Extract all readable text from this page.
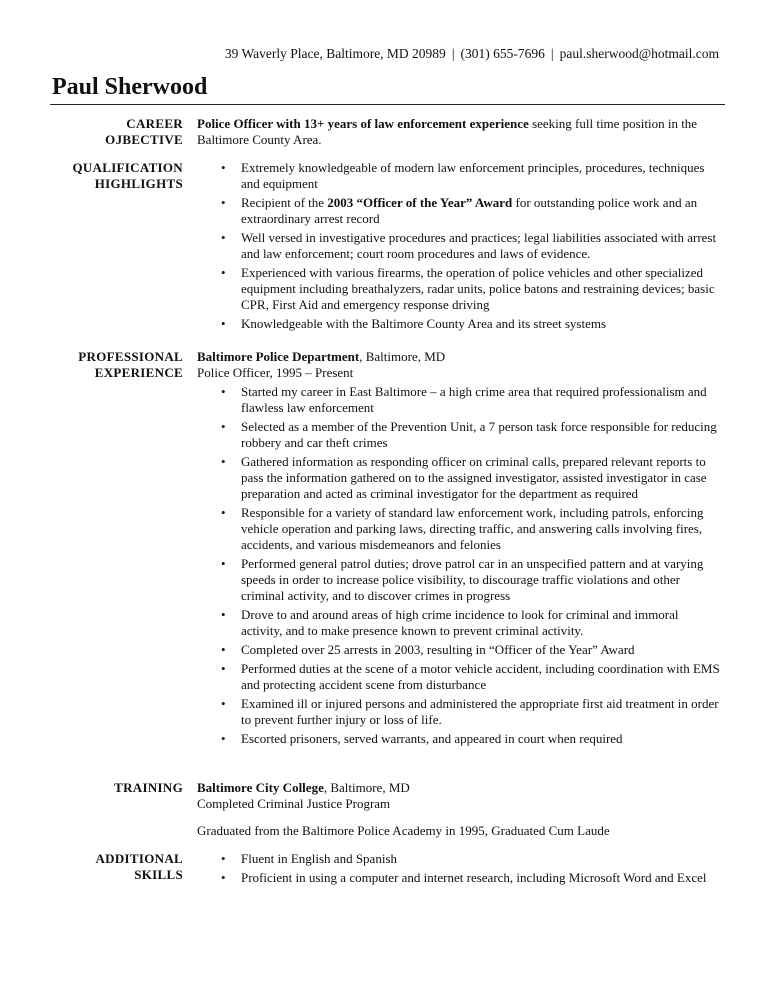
39 Waverly Place, Baltimore, MD 20989 | (301) 655-7696 | paul.sherwood@hotmail.com
Paul Sherwood
CAREER
OJBECTIVE

Police Officer with 13+ years of law enforcement experience seeking full time position in the Baltimore County Area.

QUALIFICATION
HIGHLIGHTS
• Extremely knowledgeable of modern law enforcement principles, procedures, techniques and equipment
• Recipient of the 2003 “Officer of the Year” Award for outstanding police work and an extraordinary arrest record
• Well versed in investigative procedures and practices; legal liabilities associated with arrest and law enforcement; court room procedures and laws of evidence.
• Experienced with various firearms, the operation of police vehicles and other specialized equipment including breathalyzers, radar units, police batons and restraining devices; basic CPR, First Aid and emergency response driving
• Knowledgeable with the Baltimore County Area and its street systems
PROFESSIONAL
EXPERIENCE

Baltimore Police Department, Baltimore, MD

Police Officer, 1995 – Present

• Started my career in East Baltimore – a high crime area that required professionalism and flawless law enforcement
• Selected as a member of the Prevention Unit, a 7 person task force responsible for reducing robbery and car theft crimes
• Gathered information as responding officer on criminal calls, prepared relevant reports to pass the information gathered on to the assigned investigator, assisted investigator in case preparation and acted as criminal investigator for the department as required
• Responsible for a variety of standard law enforcement work, including patrols, enforcing vehicle operation and parking laws, directing traffic, and answering calls involving fires, accidents, and various misdemeanors and felonies
• Performed general patrol duties; drove patrol car in an unspecified pattern and at varying speeds in order to increase police visibility, to discourage traffic violations and other criminal activity, and to discover crimes in progress
• Drove to and around areas of high crime incidence to look for criminal and immoral activity, and to make presence known to prevent criminal activity.
• Completed over 25 arrests in 2003, resulting in “Officer of the Year” Award
• Performed duties at the scene of a motor vehicle accident, including coordination with EMS and protecting accident scene from disturbance
• Examined ill or injured persons and administered the appropriate first aid treatment in order to prevent further injury or loss of life.
• Escorted prisoners, served warrants, and appeared in court when required
TRAINING Baltimore City College, Baltimore, MD

Completed Criminal Justice Program

Graduated from the Baltimore Police Academy in 1995, Graduated Cum Laude

ADDITIONAL
SKILLS
• Fluent in English and Spanish
• Proficient in using a computer and internet research, including Microsoft Word and Excel
